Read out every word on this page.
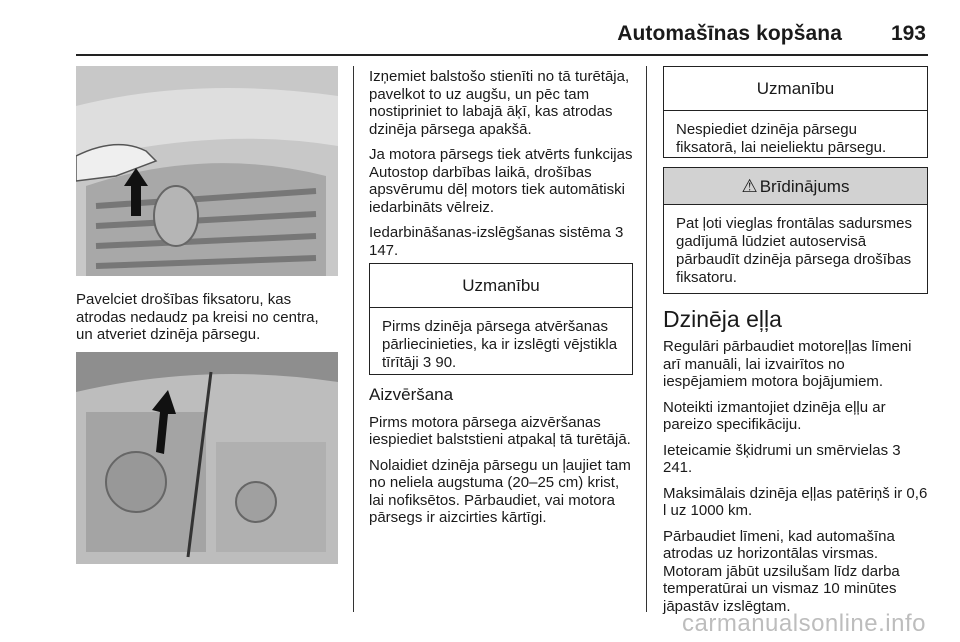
Automašīnas kopšana 193

Pavelciet drošības fiksatoru, kas atrodas nedaudz pa kreisi no centra, un atveriet dzinēja pārsegu.

Izņemiet balstošo stienīti no tā turētāja, pavelkot to uz augšu, un pēc tam nostipriniet to labajā āķī, kas atrodas dzinēja pārsega apakšā.

Ja motora pārsegs tiek atvērts funkcijas Autostop darbības laikā, drošības apsvērumu dēļ motors tiek automātiski iedarbināts vēlreiz.

Iedarbināšanas-izslēgšanas sistēma 3 147.

Uzmanību
Pirms dzinēja pārsega atvēršanas pārliecinieties, ka ir izslēgti vējstikla tīrītāji 3 90.
Aizvēršana

Pirms motora pārsega aizvēršanas iespiediet balststieni atpakaļ tā turētājā.

Nolaidiet dzinēja pārsegu un ļaujiet tam no neliela augstuma (20–25 cm) krist, lai nofiksētos. Pārbaudiet, vai motora pārsegs ir aizcirties kārtīgi.

Uzmanību
Nespiediet dzinēja pārsegu fiksatorā, lai neieliektu pārsegu.
⚠ Brīdinājums
Pat ļoti vieglas frontālas sadursmes gadījumā lūdziet autoservisā pārbaudīt dzinēja pārsega drošības fiksatoru.
Dzinēja eļļa

Regulāri pārbaudiet motoreļļas līmeni arī manuāli, lai izvairītos no iespējamiem motora bojājumiem.

Noteikti izmantojiet dzinēja eļļu ar pareizo specifikāciju.

Ieteicamie šķidrumi un smērvielas 3 241.

Maksimālais dzinēja eļļas patēriņš ir 0,6 l uz 1000 km.

Pārbaudiet līmeni, kad automašīna atrodas uz horizontālas virsmas. Motoram jābūt uzsilušam līdz darba temperatūrai un vismaz 10 minūtes jāpastāv izslēgtam.

carmanualsonline.info
